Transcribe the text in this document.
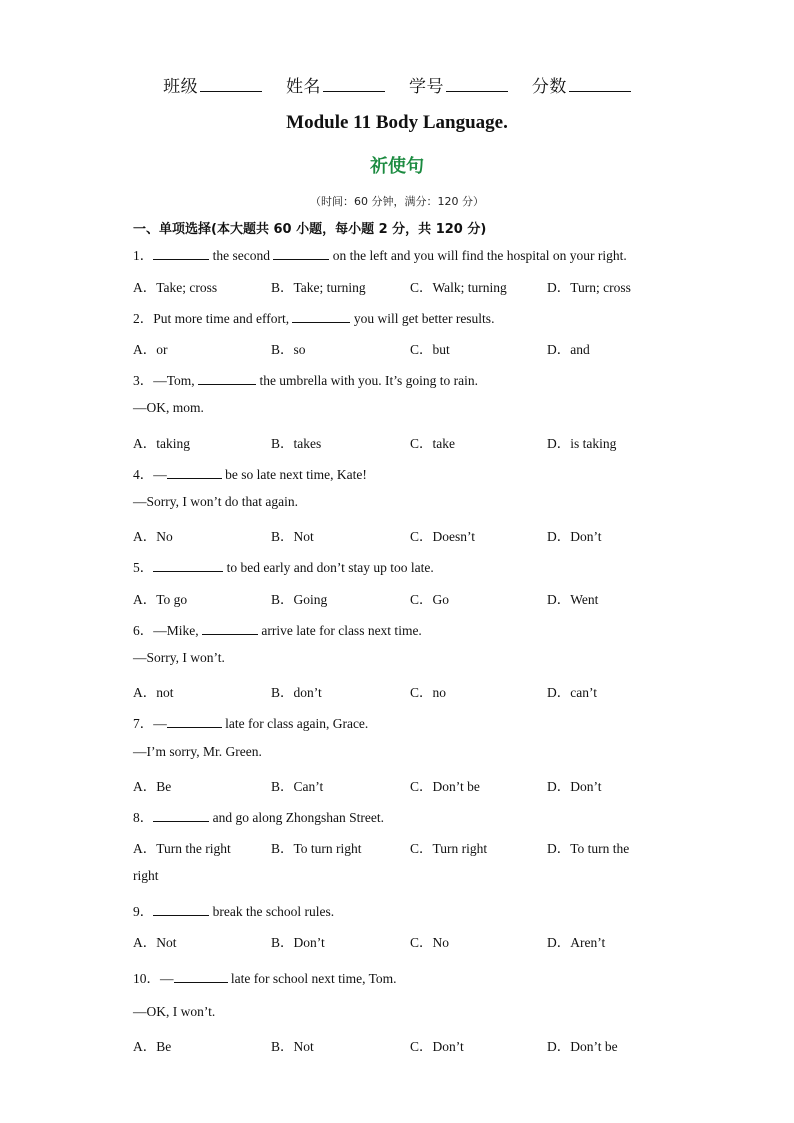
班级	姓名	学号	分数
Module 11 Body Language.
祈使句
（时间：60 分钟，满分：120 分）
一、单项选择(本大题共 60 小题，每小题 2 分，共 120 分)
1．	the second	on the left and you will find the hospital on your right.
A．Take; cross	B．Take; turning	C．Walk; turning	D．Turn; cross
2．Put more time and effort,	you will get better results.
A．or	B．so	C．but	D．and
3．—Tom,	the umbrella with you. It’s going to rain.
—OK, mom.
A．taking	B．takes	C．take	D．is taking
4．—	be so late next time, Kate!
—Sorry, I won’t do that again.
A．No	B．Not	C．Doesn’t	D．Don’t
5．	to bed early and don’t stay up too late.
A．To go	B．Going	C．Go	D．Went
6．—Mike,	arrive late for class next time.
—Sorry, I won’t.
A．not	B．don’t	C．no	D．can’t
7．—	late for class again, Grace.
—I’m sorry, Mr. Green.
A．Be	B．Can’t	C．Don’t be	D．Don’t
8．	and go along Zhongshan Street.
A．Turn the right	B．To turn right	C．Turn right	D．To turn the
right
9．	break the school rules.
A．Not	B．Don’t	C．No	D．Aren’t
10．—	late for school next time, Tom.
—OK, I won’t.
A．Be	B．Not	C．Don’t	D．Don’t be
